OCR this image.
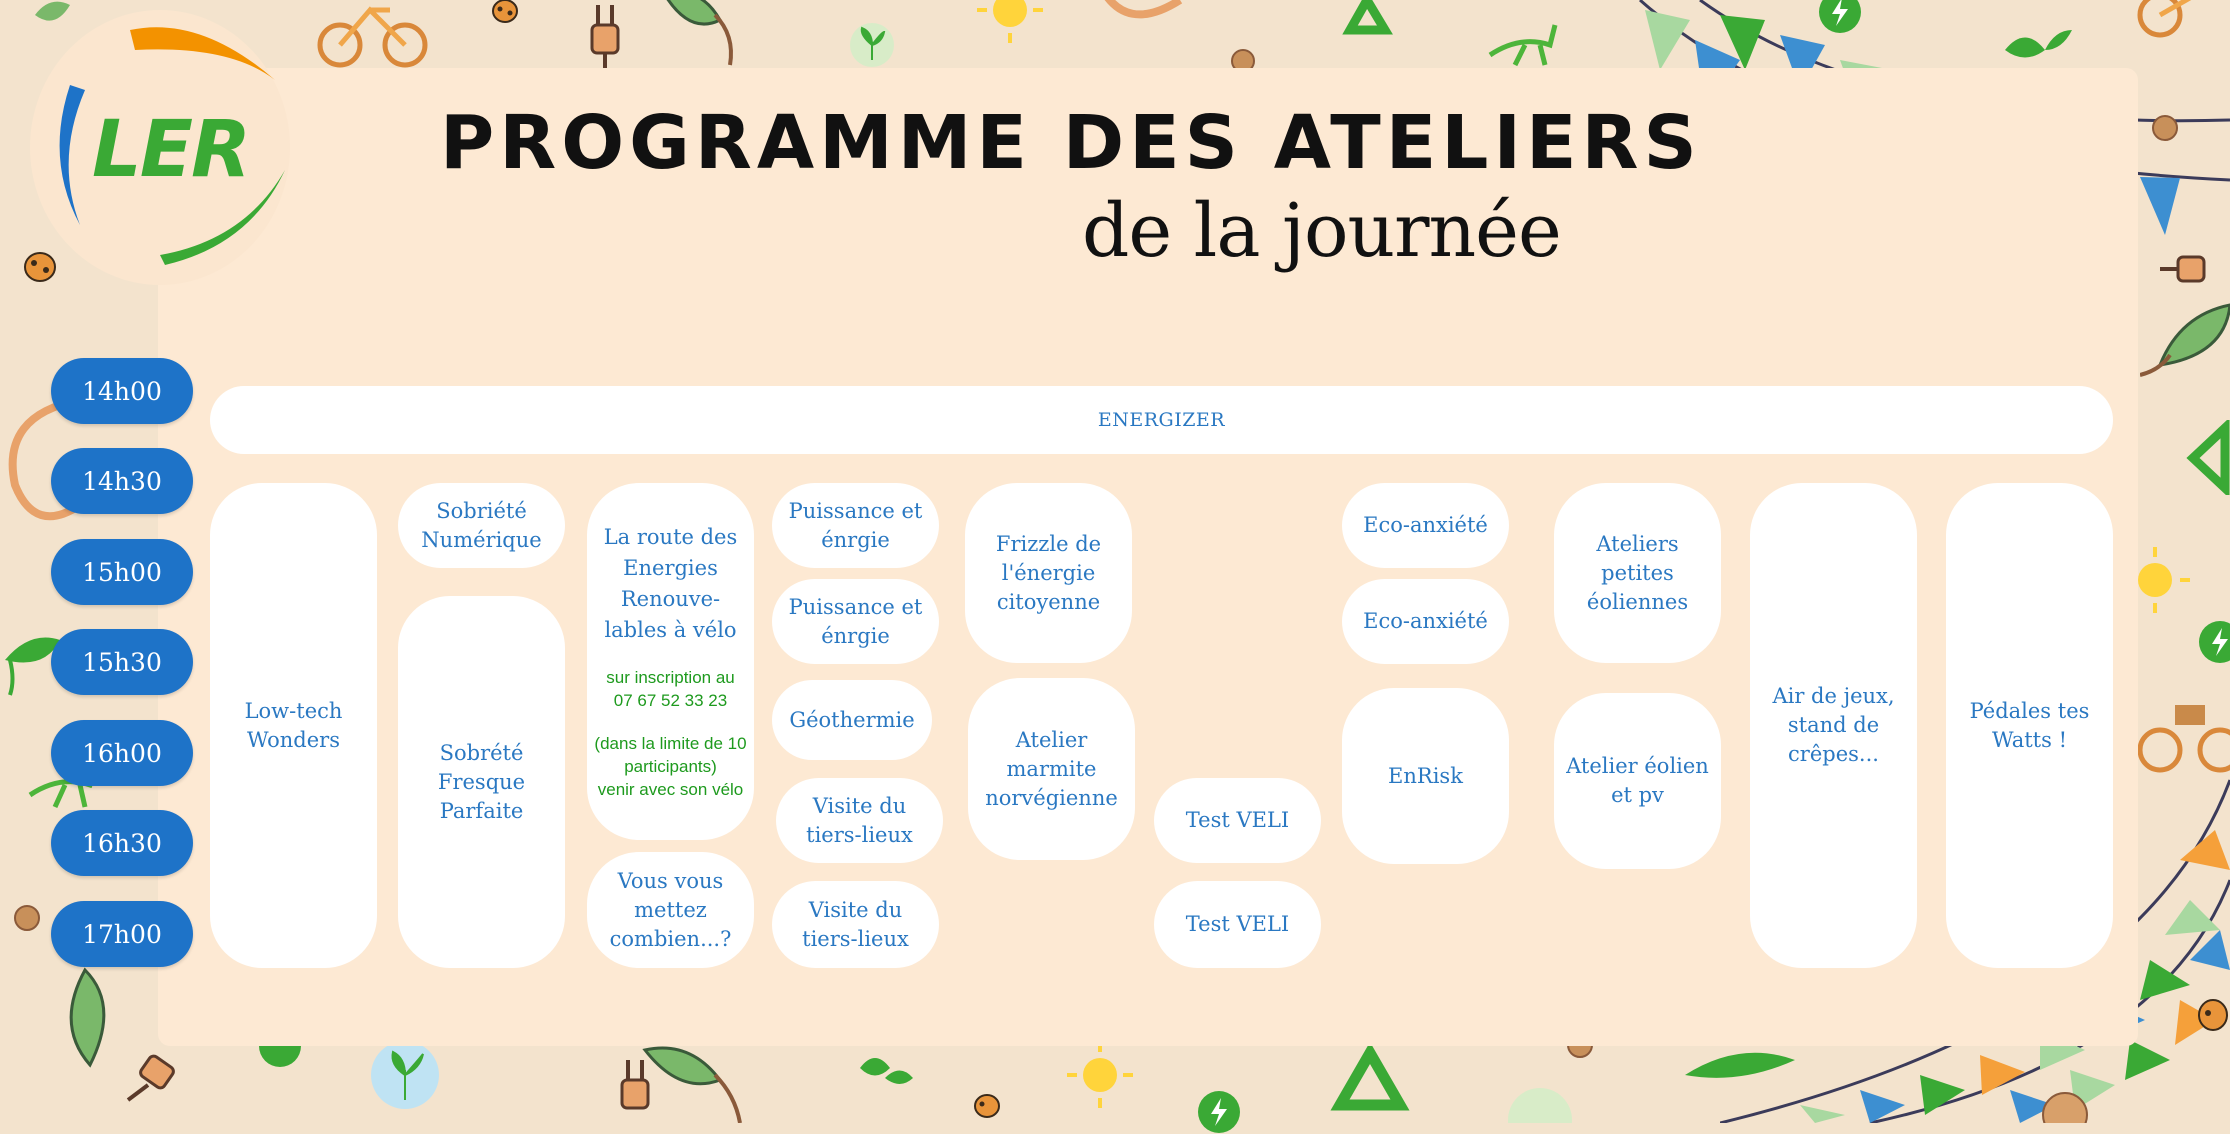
LER	PROGRAMME DES ATELIERS
de la journée
14h00
14h30
15h00
15h30
16h00
16h30
17h00
ENERGIZER
Low-tech Wonders
Sobriété Numérique
Sobrété Fresque Parfaite
La route des Energies Renouve-lables à vélo
sur inscription au
07 67 52 33 23
(dans la limite de 10 participants)
venir avec son vélo
Vous vous mettez combien...?
Puissance et énrgie
Puissance et énrgie
Géothermie
Visite du tiers-lieux
Visite du tiers-lieux
Frizzle de l'énergie citoyenne
Atelier marmite norvégienne
Test VELI
Test VELI
Eco-anxiété
Eco-anxiété
EnRisk
Ateliers petites éoliennes
Atelier éolien et pv
Air de jeux, stand de crêpes...
Pédales tes Watts !
